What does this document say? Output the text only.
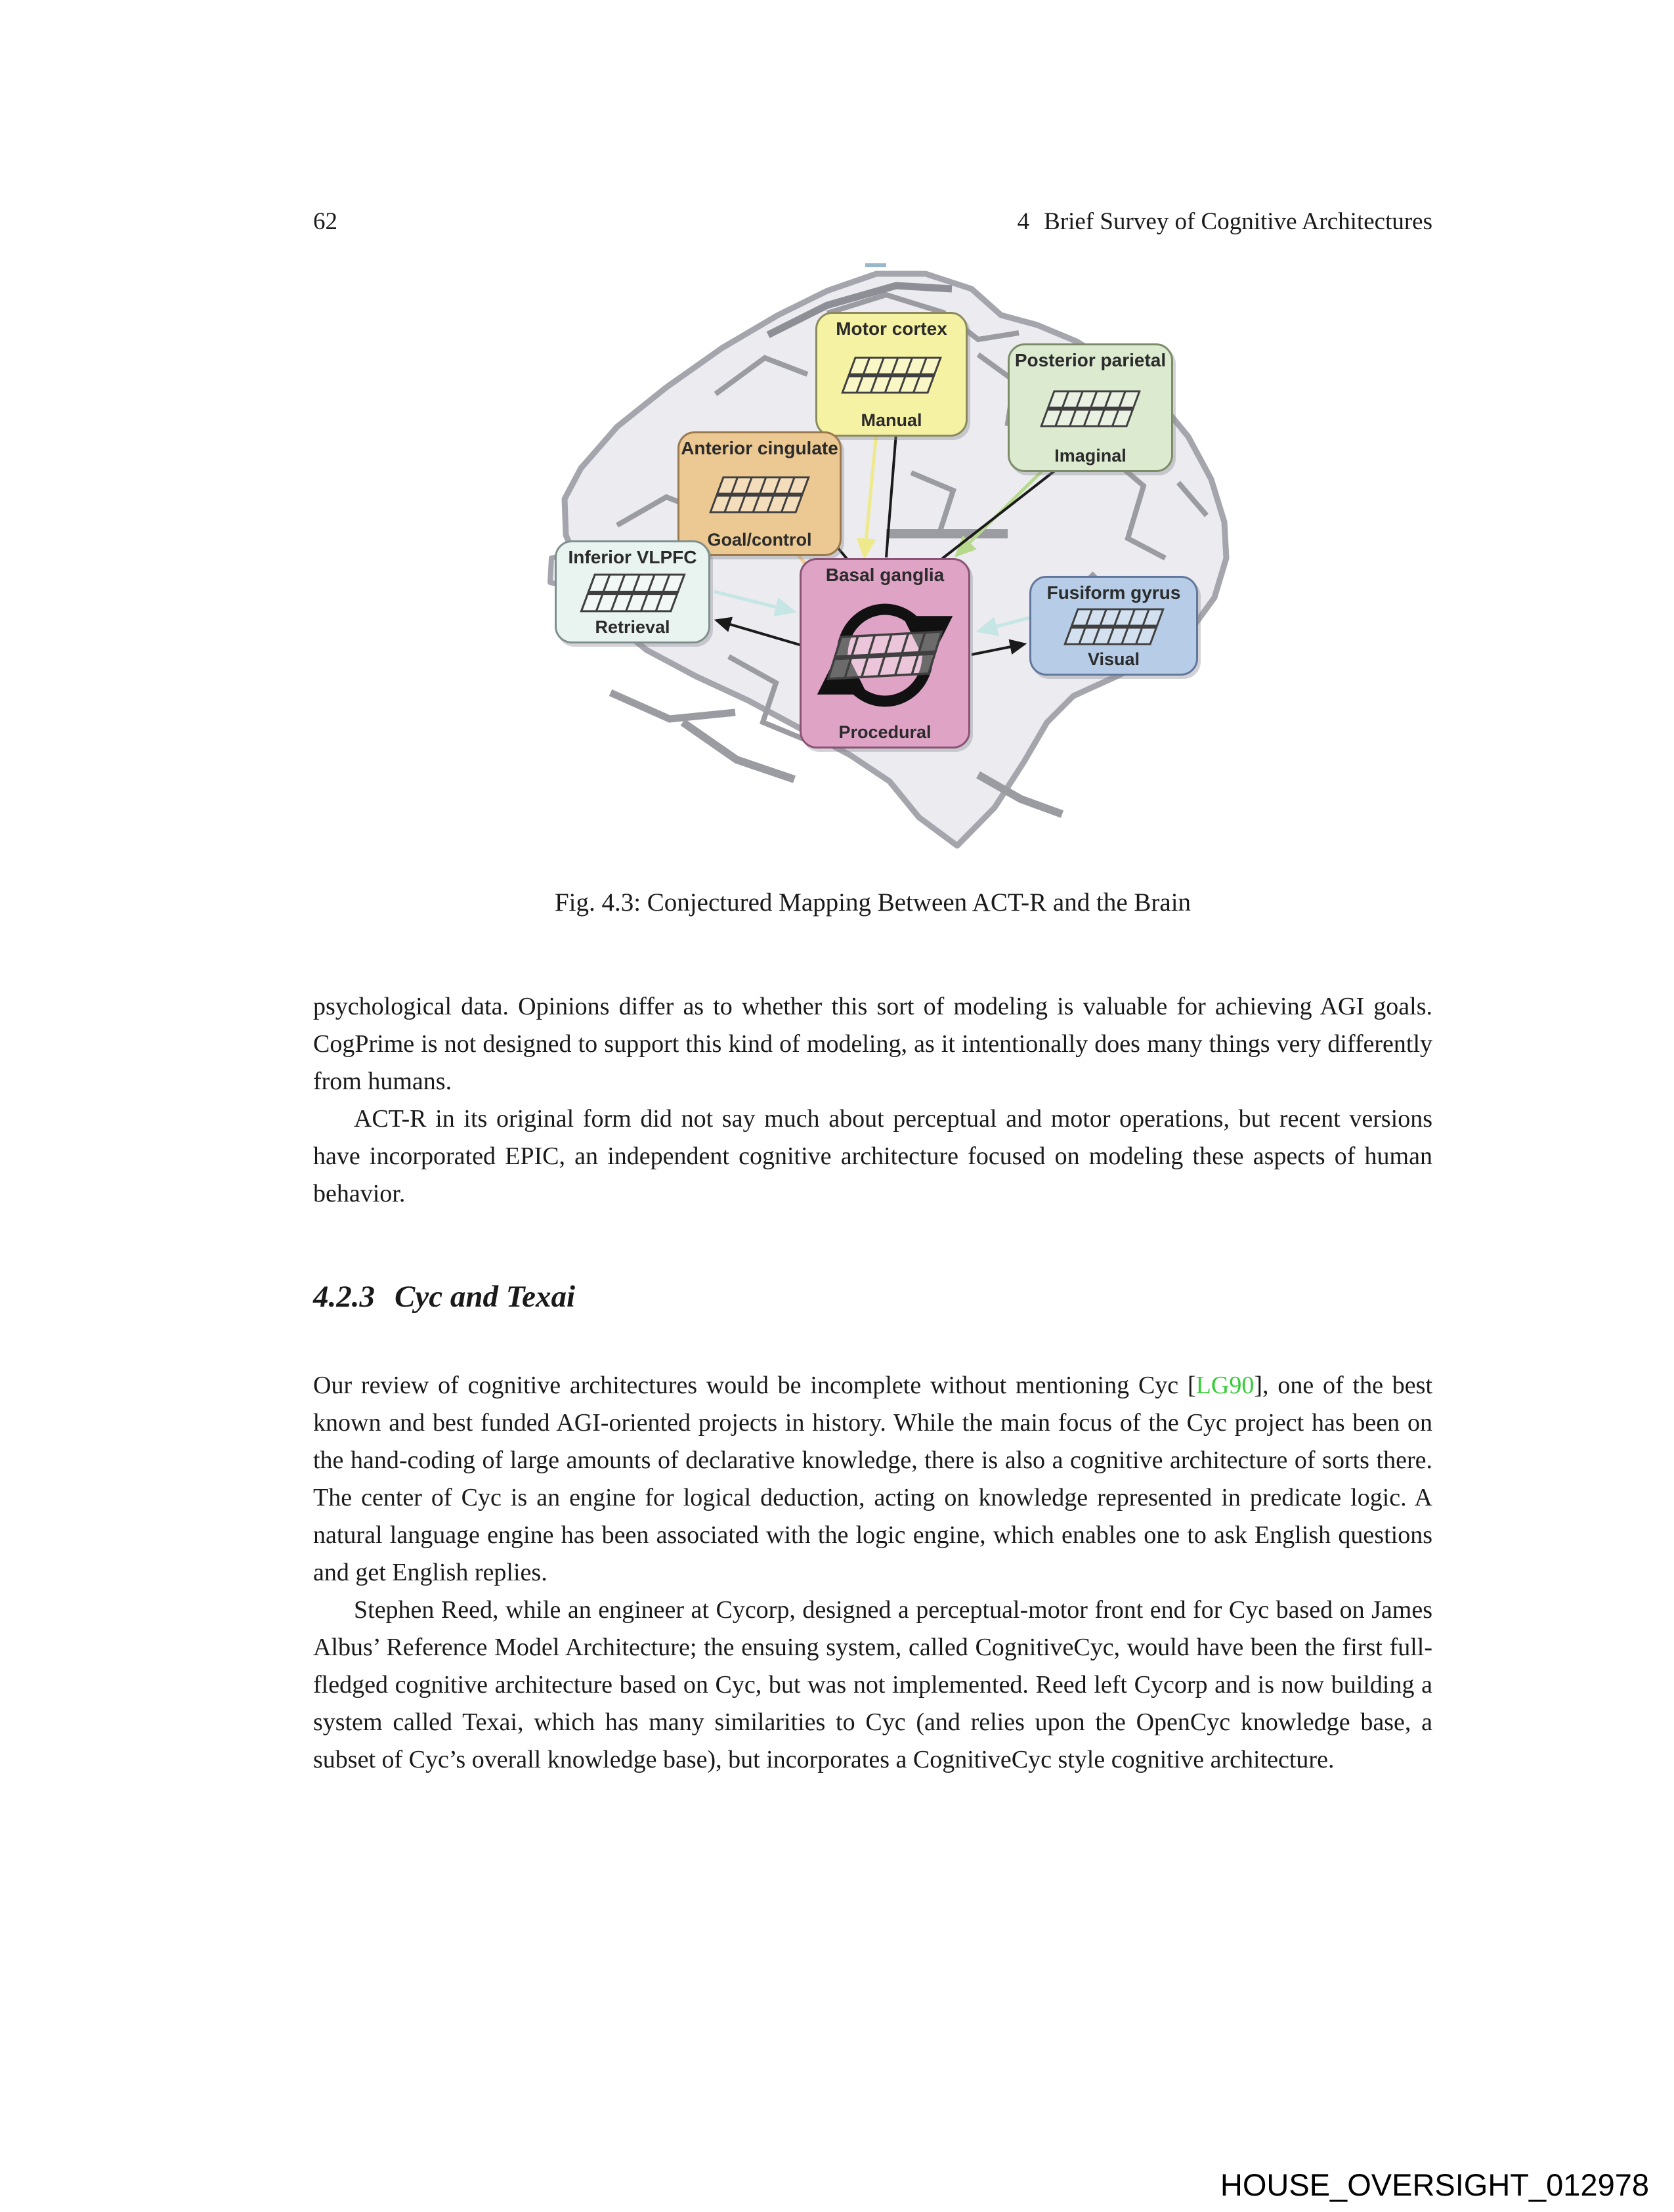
62	4 Brief Survey of Cognitive Architectures
Motor cortex
Manual
Posterior parietal
Imaginal
Anterior cingulate
Goal/control
Inferior VLPFC
Retrieval
Basal ganglia
Procedural
Fusiform gyrus
Visual
Fig. 4.3: Conjectured Mapping Between ACT-R and the Brain

psychological data. Opinions differ as to whether this sort of modeling is valuable for achieving AGI goals. CogPrime is not designed to support this kind of modeling, as it intentionally does many things very differently from humans.

ACT-R in its original form did not say much about perceptual and motor operations, but recent versions have incorporated EPIC, an independent cognitive architecture focused on modeling these aspects of human behavior.

4.2.3 Cyc and Texai

Our review of cognitive architectures would be incomplete without mentioning Cyc [LG90], one of the best known and best funded AGI-oriented projects in history. While the main focus of the Cyc project has been on the hand-coding of large amounts of declarative knowledge, there is also a cognitive architecture of sorts there. The center of Cyc is an engine for logical deduction, acting on knowledge represented in predicate logic. A natural language engine has been associated with the logic engine, which enables one to ask English questions and get English replies.

Stephen Reed, while an engineer at Cycorp, designed a perceptual-motor front end for Cyc based on James Albus’ Reference Model Architecture; the ensuing system, called CognitiveCyc, would have been the first full-fledged cognitive architecture based on Cyc, but was not implemented. Reed left Cycorp and is now building a system called Texai, which has many similarities to Cyc (and relies upon the OpenCyc knowledge base, a subset of Cyc’s overall knowledge base), but incorporates a CognitiveCyc style cognitive architecture.

HOUSE_OVERSIGHT_012978
